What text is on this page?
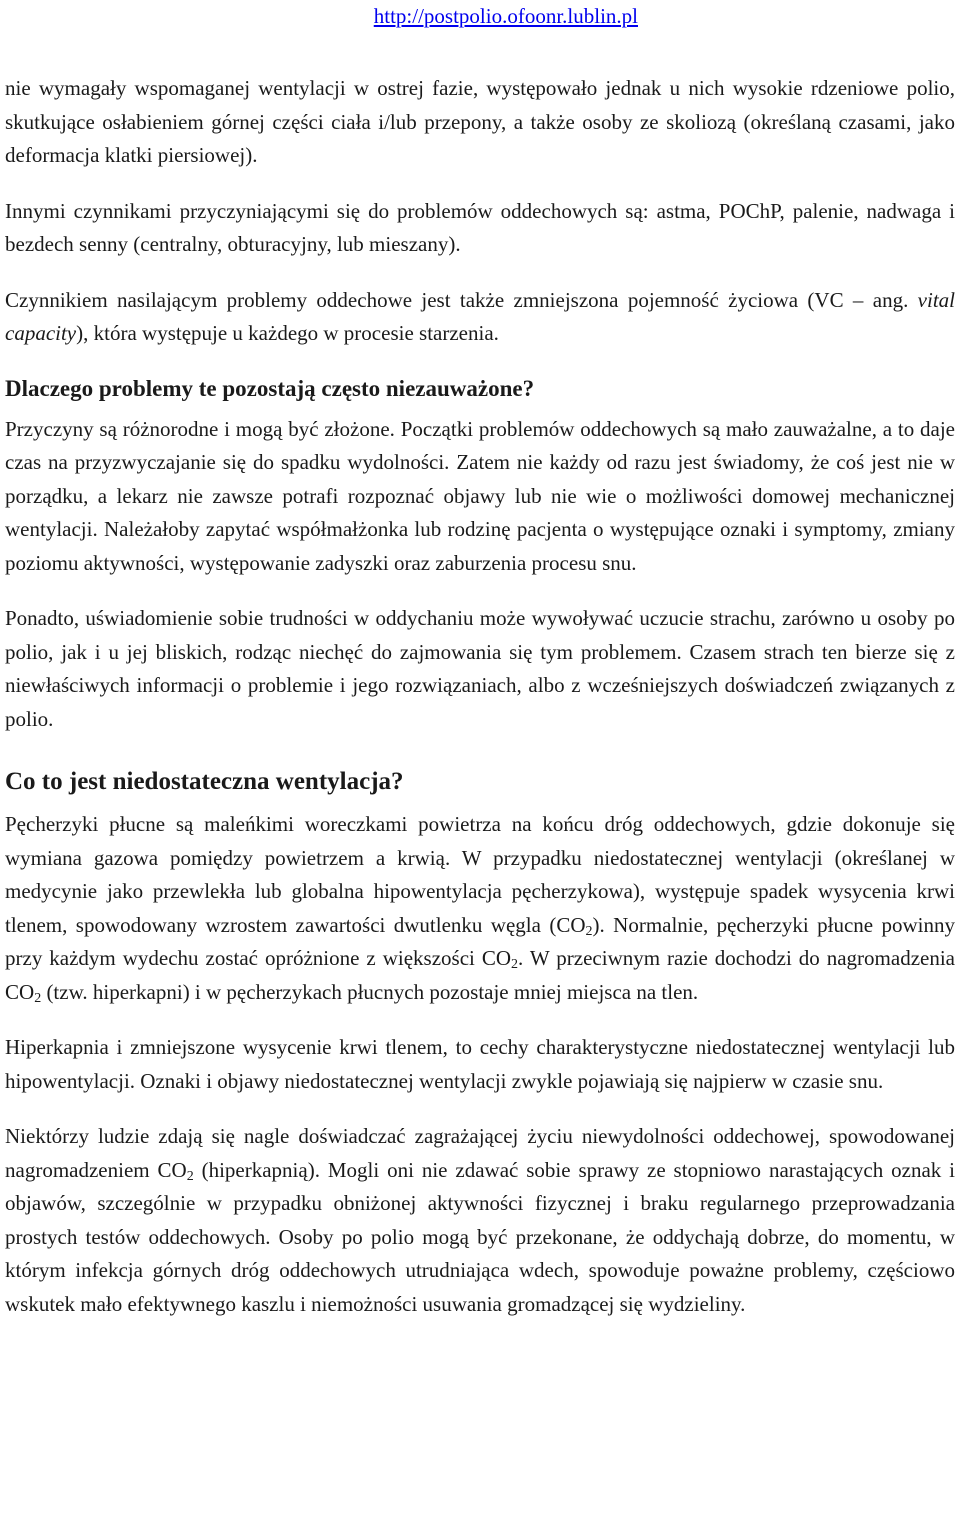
http://postpolio.ofoonr.lublin.pl

nie wymagały wspomaganej wentylacji w ostrej fazie, występowało jednak u nich wysokie rdzeniowe polio, skutkujące osłabieniem górnej części ciała i/lub przepony, a także osoby ze skoliozą (określaną czasami, jako deformacja klatki piersiowej).

Innymi czynnikami przyczyniającymi się do problemów oddechowych są: astma, POChP, palenie, nadwaga i bezdech senny (centralny, obturacyjny, lub mieszany).

Czynnikiem nasilającym problemy oddechowe jest także zmniejszona pojemność życiowa (VC – ang. vital capacity), która występuje u każdego w procesie starzenia.

Dlaczego problemy te pozostają często niezauważone?

Przyczyny są różnorodne i mogą być złożone. Początki problemów oddechowych są mało zauważalne, a to daje czas na przyzwyczajanie się do spadku wydolności. Zatem nie każdy od razu jest świadomy, że coś jest nie w porządku, a lekarz nie zawsze potrafi rozpoznać objawy lub nie wie o możliwości domowej mechanicznej wentylacji. Należałoby zapytać współmałżonka lub rodzinę pacjenta o występujące oznaki i symptomy, zmiany poziomu aktywności, występowanie zadyszki oraz zaburzenia procesu snu.

Ponadto, uświadomienie sobie trudności w oddychaniu może wywoływać uczucie strachu, zarówno u osoby po polio, jak i u jej bliskich, rodząc niechęć do zajmowania się tym problemem. Czasem strach ten bierze się z niewłaściwych informacji o problemie i jego rozwiązaniach, albo z wcześniejszych doświadczeń związanych z polio.

Co to jest niedostateczna wentylacja?

Pęcherzyki płucne są maleńkimi woreczkami powietrza na końcu dróg oddechowych, gdzie dokonuje się wymiana gazowa pomiędzy powietrzem a krwią. W przypadku niedostatecznej wentylacji (określanej w medycynie jako przewlekła lub globalna hipowentylacja pęcherzykowa), występuje spadek wysycenia krwi tlenem, spowodowany wzrostem zawartości dwutlenku węgla $(CO_2)$. Normalnie, pęcherzyki płucne powinny przy każdym wydechu zostać opróżnione z większości $CO_2$. W przeciwnym razie dochodzi do nagromadzenia $CO_2$ (tzw. hiperkapni) i w pęcherzykach płucnych pozostaje mniej miejsca na tlen.

Hiperkapnia i zmniejszone wysycenie krwi tlenem, to cechy charakterystyczne niedostatecznej wentylacji lub hipowentylacji. Oznaki i objawy niedostatecznej wentylacji zwykle pojawiają się najpierw w czasie snu.

Niektórzy ludzie zdają się nagle doświadczać zagrażającej życiu niewydolności oddechowej, spowodowanej nagromadzeniem $CO_2$ (hiperkapnią). Mogli oni nie zdawać sobie sprawy ze stopniowo narastających oznak i objawów, szczególnie w przypadku obniżonej aktywności fizycznej i braku regularnego przeprowadzania prostych testów oddechowych. Osoby po polio mogą być przekonane, że oddychają dobrze, do momentu, w którym infekcja górnych dróg oddechowych utrudniająca wdech, spowoduje poważne problemy, częściowo wskutek mało efektywnego kaszlu i niemożności usuwania gromadzącej się wydzieliny.
